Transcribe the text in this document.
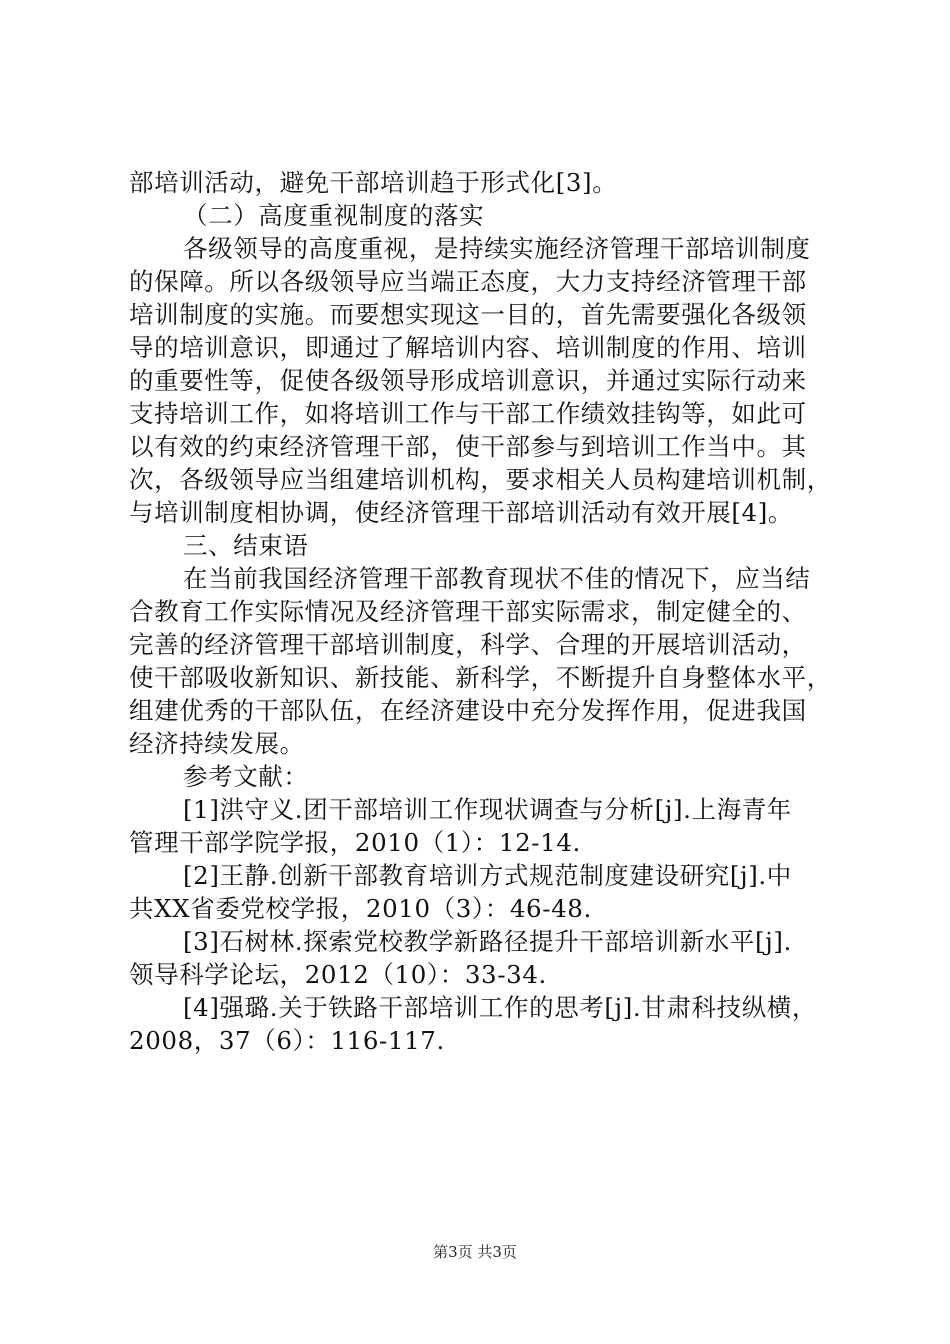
部培训活动，避免干部培训趋于形式化[3]。
（二）高度重视制度的落实
各级领导的高度重视，是持续实施经济管理干部培训制度
的保障。所以各级领导应当端正态度，大力支持经济管理干部
培训制度的实施。而要想实现这一目的，首先需要强化各级领
导的培训意识，即通过了解培训内容、培训制度的作用、培训
的重要性等，促使各级领导形成培训意识，并通过实际行动来
支持培训工作，如将培训工作与干部工作绩效挂钩等，如此可
以有效的约束经济管理干部，使干部参与到培训工作当中。其
次，各级领导应当组建培训机构，要求相关人员构建培训机制，
与培训制度相协调，使经济管理干部培训活动有效开展[4]。
三、结束语
在当前我国经济管理干部教育现状不佳的情况下，应当结
合教育工作实际情况及经济管理干部实际需求，制定健全的、
完善的经济管理干部培训制度，科学、合理的开展培训活动，
使干部吸收新知识、新技能、新科学，不断提升自身整体水平，
组建优秀的干部队伍，在经济建设中充分发挥作用，促进我国
经济持续发展。
参考文献：
[1]洪守义.团干部培训工作现状调查与分析[j].上海青年
管理干部学院学报，2010（1）：12-14.
[2]王静.创新干部教育培训方式规范制度建设研究[j].中
共XX省委党校学报，2010（3）：46-48.
[3]石树林.探索党校教学新路径提升干部培训新水平[j].
领导科学论坛，2012（10）：33-34.
[4]强璐.关于铁路干部培训工作的思考[j].甘肃科技纵横，
2008，37（6）：116-117.
第3页 共3页
